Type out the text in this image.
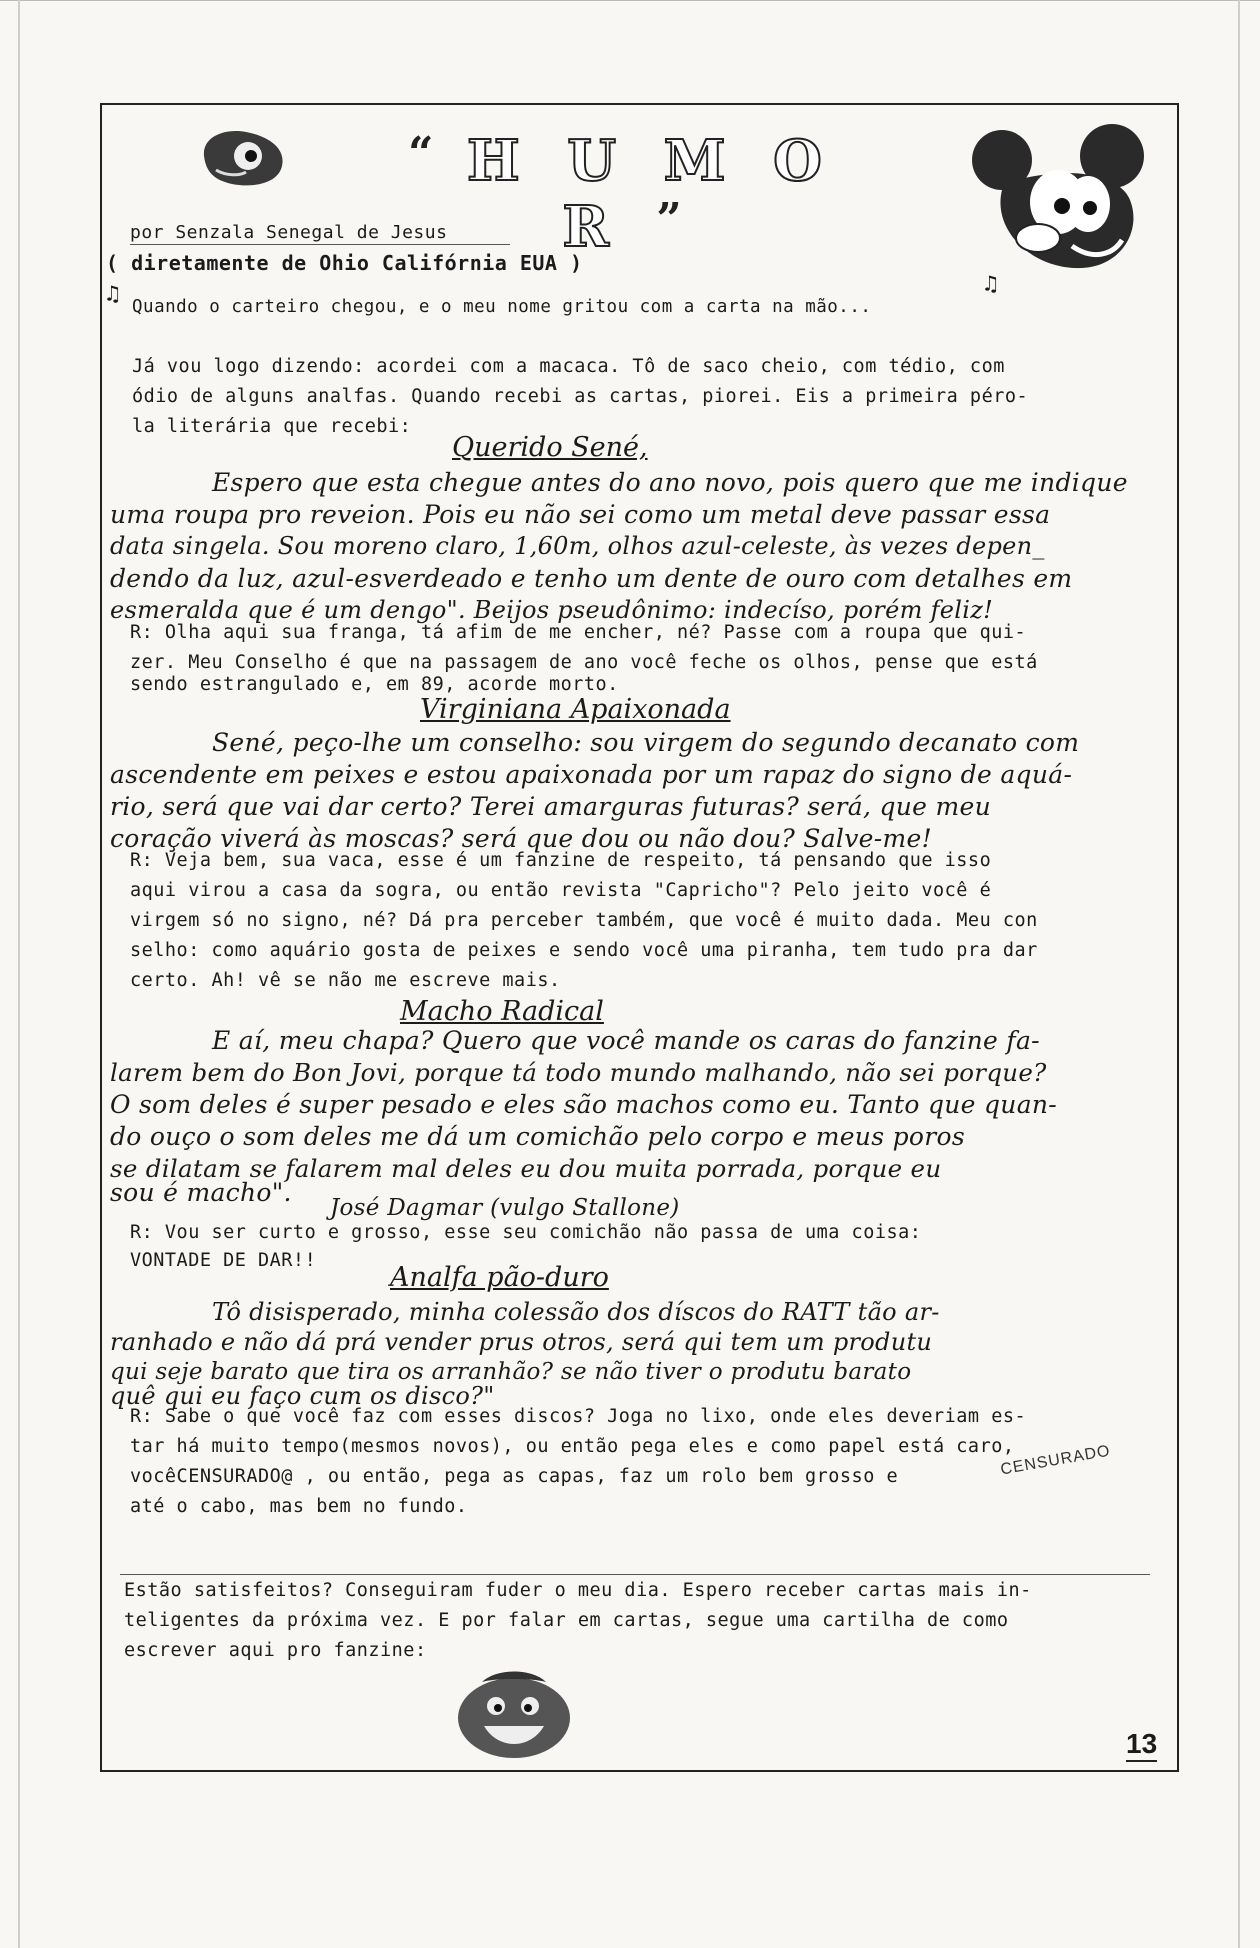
“ H U M O R ”
por Senzala Senegal de Jesus
( diretamente de Ohio Califórnia EUA )
♫ Quando o carteiro chegou, e o meu nome gritou com a carta na mão...
♫
Já vou logo dizendo: acordei com a macaca. Tô de saco cheio, com tédio, com
ódio de alguns analfas. Quando recebi as cartas, piorei. Eis a primeira péro-
la literária que recebi:
Querido Sené,
Espero que esta chegue antes do ano novo, pois quero que me indique
uma roupa pro reveion. Pois eu não sei como um metal deve passar essa
data singela. Sou moreno claro, 1,60m, olhos azul-celeste, às vezes depen_
dendo da luz, azul-esverdeado e tenho um dente de ouro com detalhes em
esmeralda que é um dengo". Beijos pseudônimo: indecíso, porém feliz!
R: Olha aqui sua franga, tá afim de me encher, né? Passe com a roupa que qui-
zer. Meu Conselho é que na passagem de ano você feche os olhos, pense que está
sendo estrangulado e, em 89, acorde morto.
Virginiana Apaixonada
Sené, peço-lhe um conselho: sou virgem do segundo decanato com
ascendente em peixes e estou apaixonada por um rapaz do signo de aquá-
rio, será que vai dar certo? Terei amarguras futuras? será, que meu
coração viverá às moscas? será que dou ou não dou? Salve-me!
R: Veja bem, sua vaca, esse é um fanzine de respeito, tá pensando que isso
aqui virou a casa da sogra, ou então revista "Capricho"? Pelo jeito você é
virgem só no signo, né? Dá pra perceber também, que você é muito dada. Meu con
selho: como aquário gosta de peixes e sendo você uma piranha, tem tudo pra dar
certo. Ah! vê se não me escreve mais.
Macho Radical
E aí, meu chapa? Quero que você mande os caras do fanzine fa-
larem bem do Bon Jovi, porque tá todo mundo malhando, não sei porque?
O som deles é super pesado e eles são machos como eu. Tanto que quan-
do ouço o som deles me dá um comichão pelo corpo e meus poros
se dilatam se falarem mal deles eu dou muita porrada, porque eu
sou é macho".
José Dagmar (vulgo Stallone)
R: Vou ser curto e grosso, esse seu comichão não passa de uma coisa:
VONTADE DE DAR!!
Analfa pão-duro
Tô disisperado, minha colessão dos díscos do RATT tão ar-
ranhado e não dá prá vender prus otros, será qui tem um produtu
qui seje barato que tira os arranhão? se não tiver o produtu barato
quê qui eu faço cum os disco?"
R: Sabe o que você faz com esses discos? Joga no lixo, onde eles deveriam es-
tar há muito tempo(mesmos novos), ou então pega eles e como papel está caro,
vocêCENSURADO@ , ou então, pega as capas, faz um rolo bem grosso e
até o cabo, mas bem no fundo.
CENSURADO
Estão satisfeitos? Conseguiram fuder o meu dia. Espero receber cartas mais in-
teligentes da próxima vez. E por falar em cartas, segue uma cartilha de como
escrever aqui pro fanzine:
13
